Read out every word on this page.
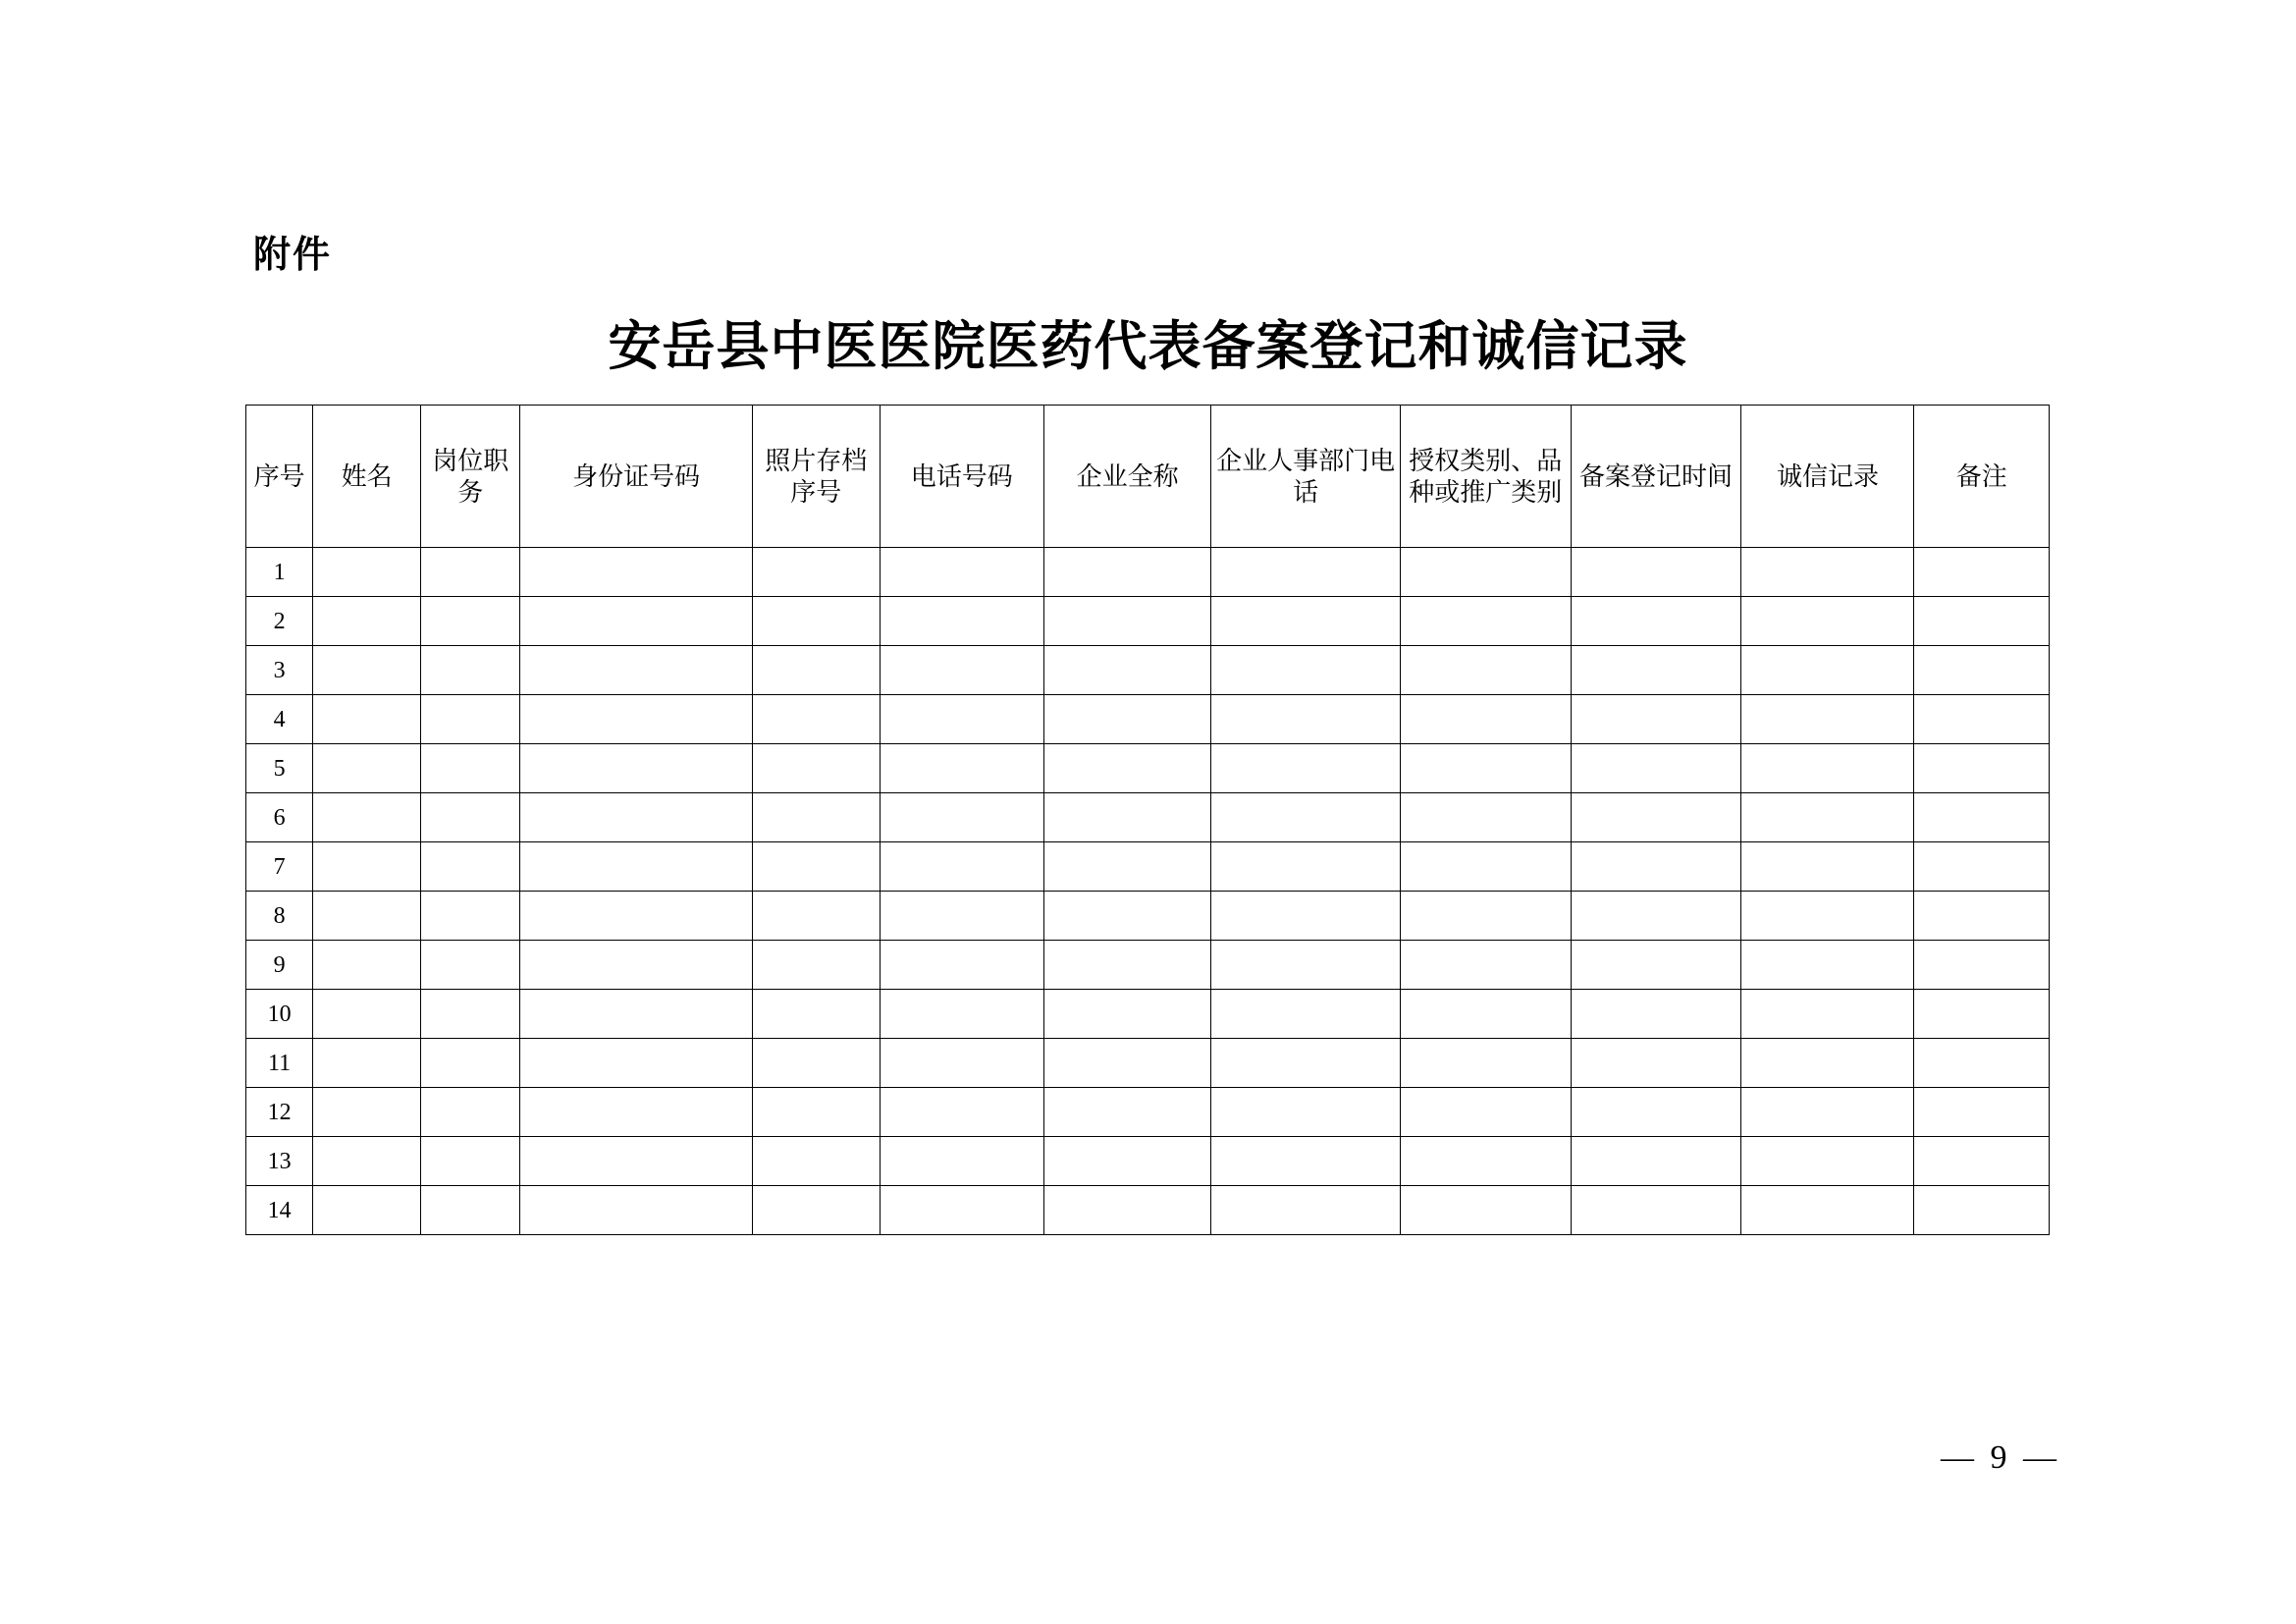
附件
安岳县中医医院医药代表备案登记和诚信记录
序号	姓名	岗位职务	身份证号码	照片存档序号	电话号码	企业全称	企业人事部门电话	授权类别、品种或推广类别	备案登记时间	诚信记录	备注
1											
2											
3											
4											
5											
6											
7											
8											
9											
10											
11											
12											
13											
14											
— 9 —
